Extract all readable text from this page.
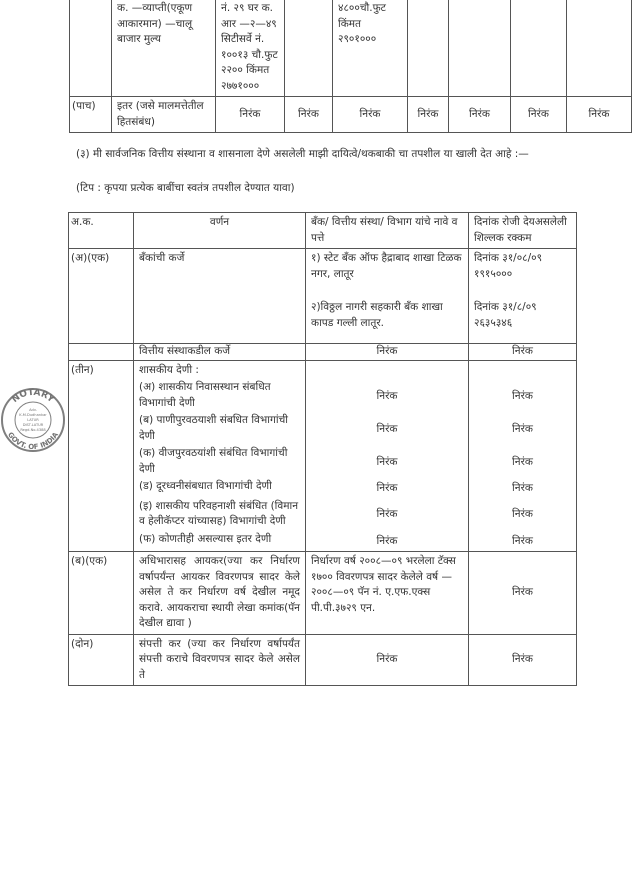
	क. —व्याप्ती(एकूण आकारमान) —चालू बाजार मुल्य	नं. २९ घर क. आर —२—४९ सिटीसर्वे नं. १००१३ चौ.फुट २२०० किंमत २७७१०००		४८००चौ.फुट किंमत २९०१०००				
(पाच)	इतर (जसे मालमत्तेतील हितसंबंध)	निरंक	निरंक	निरंक	निरंक	निरंक	निरंक	निरंक
(३) मी सार्वजनिक वित्तीय संस्थाना व शासनाला देणे असलेली माझी दायित्वे/थकबाकी चा तपशील या खाली देत आहे :—
(टिप : कृपया प्रत्येक बाबींचा स्वतंत्र तपशील देण्यात यावा)
अ.क.	वर्णन	बँक/ वित्तीय संस्था/ विभाग यांचे नावे व पत्ते	दिनांक रोजी देयअसलेली शिल्लक रक्कम
(अ)(एक)	बँकांची कर्जे	१) स्टेट बँक ऑफ हैद्राबाद शाखा टिळक नगर, लातूर	दिनांक ३१/०८/०९ १९१५०००
		२)विठ्ठल नागरी सहकारी बँक शाखा कापड गल्ली लातूर.	दिनांक ३१/८/०९ २६३५३४६
	वित्तीय संस्थाकडील कर्जे	निरंक	निरंक
(तीन)	शासकीय देणी :		
	(अ) शासकीय निवासस्थान संबधित विभागांची देणी	निरंक	निरंक
	(ब) पाणीपुरवठयाशी संबधित विभागांची देणी	निरंक	निरंक
	(क) वीजपुरवठयांशी संबंधित विभागांची देणी	निरंक	निरंक
	(ड) दूरध्वनीसंबधात विभागांची देणी	निरंक	निरंक
	(इ) शासकीय परिवहनाशी संबंधित (विमान व हेलीकॅप्टर यांच्यासह) विभागांची देणी	निरंक	निरंक
	(फ) कोणतीही असल्यास इतर देणी	निरंक	निरंक
(ब)(एक)	अधिभारासह आयकर(ज्या कर निर्धारण वर्षापर्यंन्त आयकर विवरणपत्र सादर केले असेल ते कर निर्धारण वर्ष देखील नमूद करावे. आयकराचा स्थायी लेखा कमांक(पॅन देखील द्यावा )	निर्धारण वर्ष २००८—०९ भरलेला टॅक्स १७०० विवरणपत्र सादर केलेले वर्ष — २००८—०९ पॅन नं. ए.एफ.एक्स पी.पी.३७२९ एन.	निरंक
(दोन)	संपत्ती कर (ज्या कर निर्धारण वर्षापर्यंत संपत्ती कराचे विवरणपत्र सादर केले असेल ते	निरंक	निरंक
NOTARY
GOVT. OF INDIA
Adv.
K.M.Dudhankar
LATUR
DIST.LATUR
Regd.No.4388
